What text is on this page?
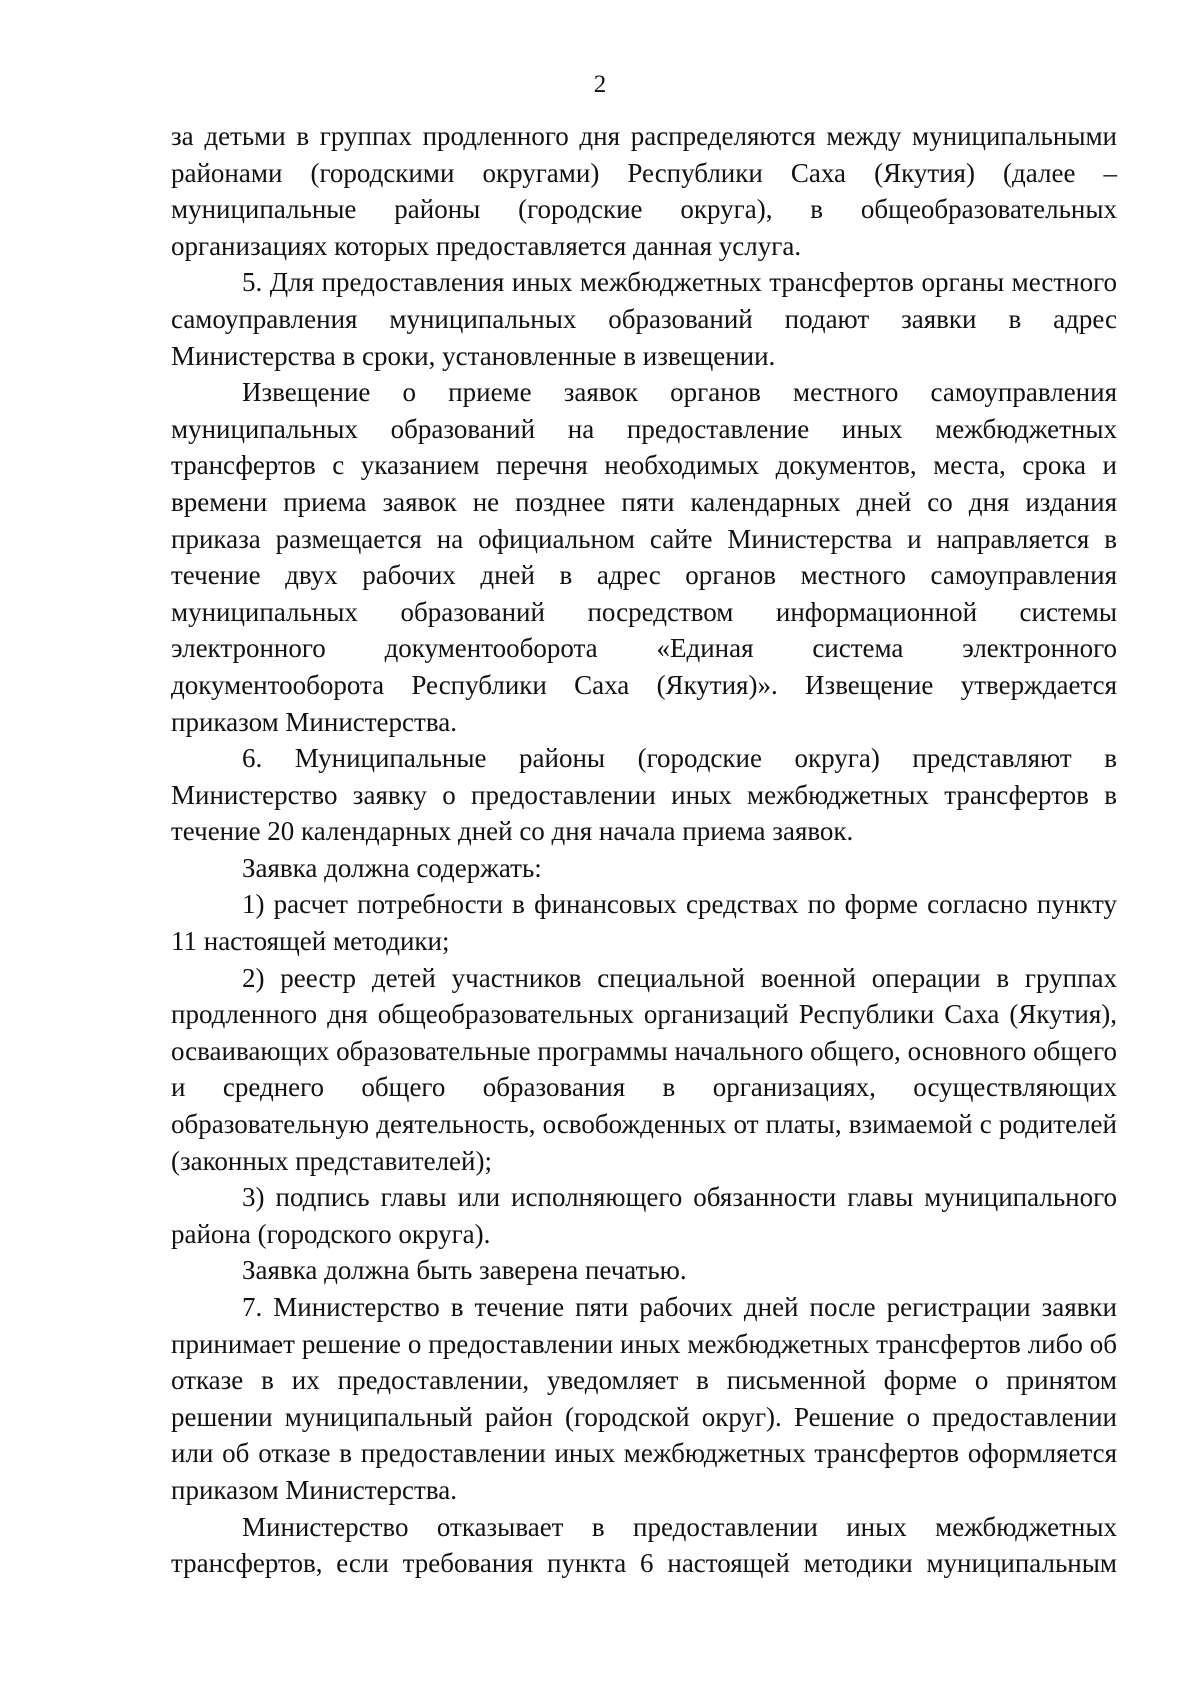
2

за детьми в группах продленного дня распределяются между муниципальными районами (городскими округами) Республики Саха (Якутия) (далее – муниципальные районы (городские округа), в общеобразовательных организациях которых предоставляется данная услуга.

5. Для предоставления иных межбюджетных трансфертов органы местного самоуправления муниципальных образований подают заявки в адрес Министерства в сроки, установленные в извещении.

Извещение о приеме заявок органов местного самоуправления муниципальных образований на предоставление иных межбюджетных трансфертов с указанием перечня необходимых документов, места, срока и времени приема заявок не позднее пяти календарных дней со дня издания приказа размещается на официальном сайте Министерства и направляется в течение двух рабочих дней в адрес органов местного самоуправления муниципальных образований посредством информационной системы электронного документооборота «Единая система электронного документооборота Республики Саха (Якутия)». Извещение утверждается приказом Министерства.

6. Муниципальные районы (городские округа) представляют в Министерство заявку о предоставлении иных межбюджетных трансфертов в течение 20 календарных дней со дня начала приема заявок.

Заявка должна содержать:

1) расчет потребности в финансовых средствах по форме согласно пункту 11 настоящей методики;

2) реестр детей участников специальной военной операции в группах продленного дня общеобразовательных организаций Республики Саха (Якутия), осваивающих образовательные программы начального общего, основного общего и среднего общего образования в организациях, осуществляющих образовательную деятельность, освобожденных от платы, взимаемой с родителей (законных представителей);

3) подпись главы или исполняющего обязанности главы муниципального района (городского округа).

Заявка должна быть заверена печатью.

7. Министерство в течение пяти рабочих дней после регистрации заявки принимает решение о предоставлении иных межбюджетных трансфертов либо об отказе в их предоставлении, уведомляет в письменной форме о принятом решении муниципальный район (городской округ). Решение о предоставлении или об отказе в предоставлении иных межбюджетных трансфертов оформляется приказом Министерства.

Министерство отказывает в предоставлении иных межбюджетных трансфертов, если требования пункта 6 настоящей методики муниципальным
